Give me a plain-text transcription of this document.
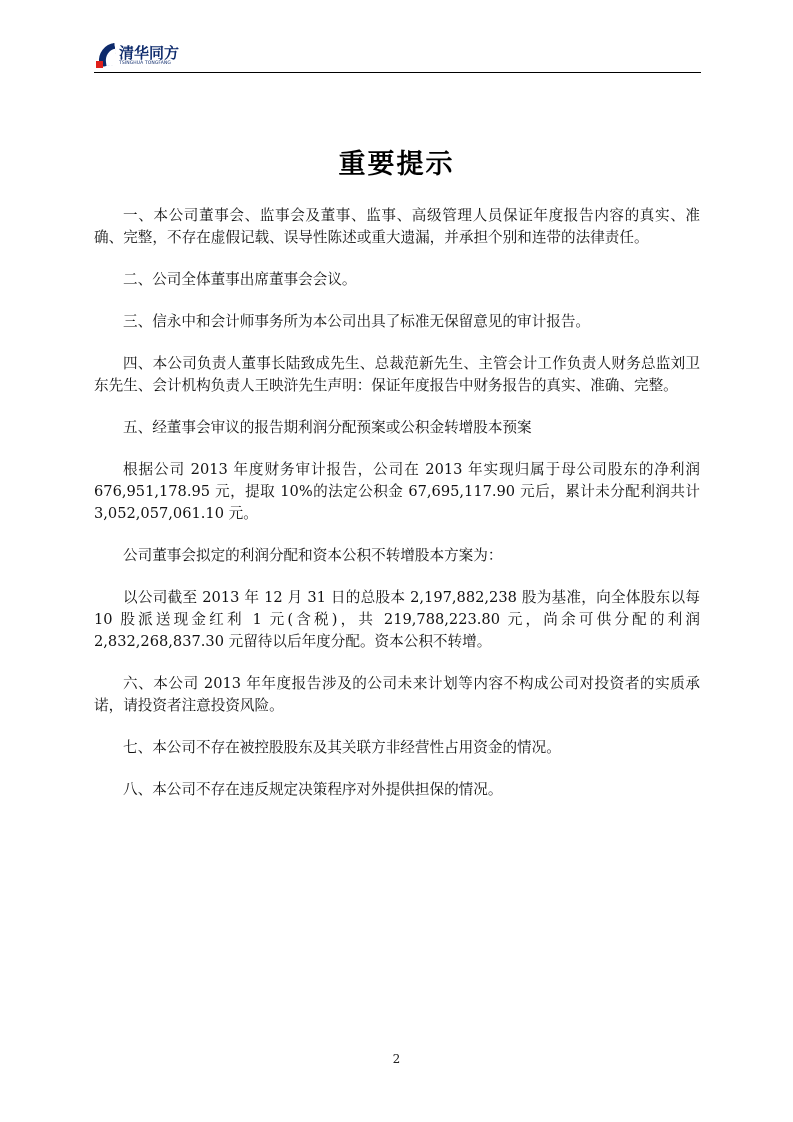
清华同方
TSINGHUA TONGFANG
重要提示

一、本公司董事会、监事会及董事、监事、高级管理人员保证年度报告内容的真实、准确、完整，不存在虚假记载、误导性陈述或重大遗漏，并承担个别和连带的法律责任。

二、公司全体董事出席董事会会议。

三、信永中和会计师事务所为本公司出具了标准无保留意见的审计报告。

四、本公司负责人董事长陆致成先生、总裁范新先生、主管会计工作负责人财务总监刘卫东先生、会计机构负责人王映浒先生声明：保证年度报告中财务报告的真实、准确、完整。

五、经董事会审议的报告期利润分配预案或公积金转增股本预案

根据公司 2013 年度财务审计报告，公司在 2013 年实现归属于母公司股东的净利润 676,951,178.95 元，提取 10%的法定公积金 67,695,117.90 元后，累计未分配利润共计 3,052,057,061.10 元。

公司董事会拟定的利润分配和资本公积不转增股本方案为：

以公司截至 2013 年 12 月 31 日的总股本 2,197,882,238 股为基准，向全体股东以每 10 股派送现金红利 1 元(含税)，共 219,788,223.80 元，尚余可供分配的利润 2,832,268,837.30 元留待以后年度分配。资本公积不转增。

六、本公司 2013 年年度报告涉及的公司未来计划等内容不构成公司对投资者的实质承诺，请投资者注意投资风险。

七、本公司不存在被控股股东及其关联方非经营性占用资金的情况。

八、本公司不存在违反规定决策程序对外提供担保的情况。

2
